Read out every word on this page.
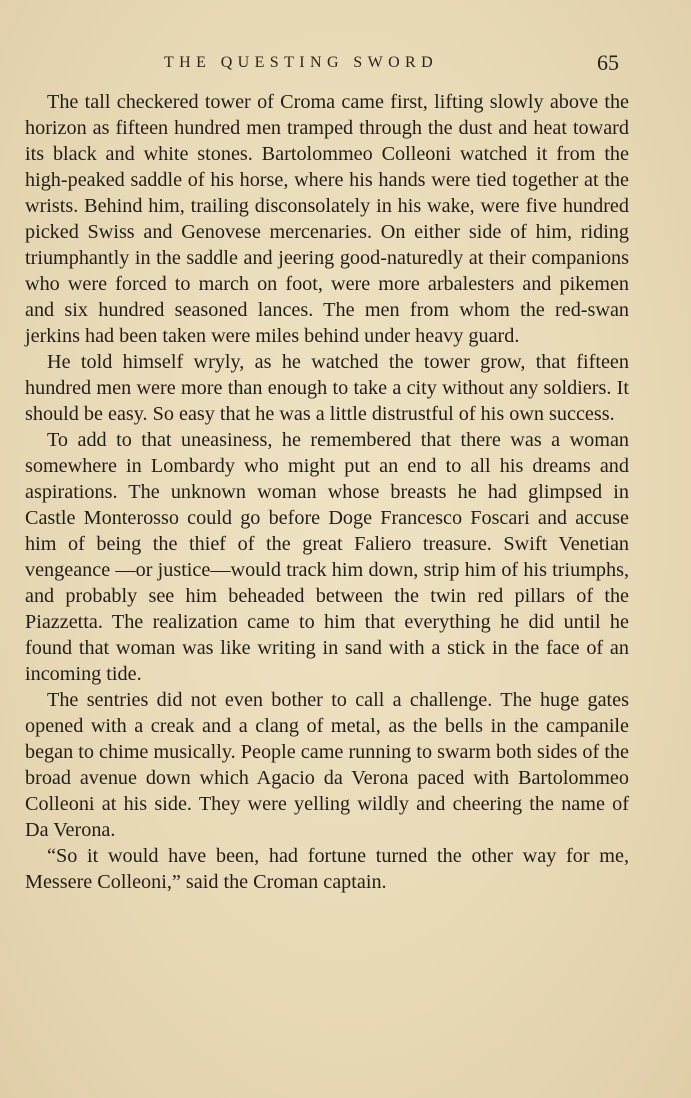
THE QUESTING SWORD	65

The tall checkered tower of Croma came first, lifting slowly above the horizon as fifteen hundred men tramped through the dust and heat toward its black and white stones. Bartolommeo Colleoni watched it from the high-peaked saddle of his horse, where his hands were tied together at the wrists. Behind him, trailing disconsolately in his wake, were five hundred picked Swiss and Genovese mercenaries. On either side of him, riding triumphantly in the saddle and jeering good-naturedly at their companions who were forced to march on foot, were more arbalesters and pikemen and six hundred seasoned lances. The men from whom the red-swan jerkins had been taken were miles behind under heavy guard.

He told himself wryly, as he watched the tower grow, that fifteen hundred men were more than enough to take a city without any soldiers. It should be easy. So easy that he was a little distrustful of his own success.

To add to that uneasiness, he remembered that there was a woman somewhere in Lombardy who might put an end to all his dreams and aspirations. The unknown woman whose breasts he had glimpsed in Castle Monterosso could go before Doge Francesco Foscari and accuse him of being the thief of the great Faliero treasure. Swift Venetian vengeance —or justice—would track him down, strip him of his triumphs, and probably see him beheaded between the twin red pillars of the Piazzetta. The realization came to him that everything he did until he found that woman was like writing in sand with a stick in the face of an incoming tide.

The sentries did not even bother to call a challenge. The huge gates opened with a creak and a clang of metal, as the bells in the campanile began to chime musically. People came running to swarm both sides of the broad avenue down which Agacio da Verona paced with Bartolommeo Colleoni at his side. They were yelling wildly and cheering the name of Da Verona.

“So it would have been, had fortune turned the other way for me, Messere Colleoni,” said the Croman captain.
